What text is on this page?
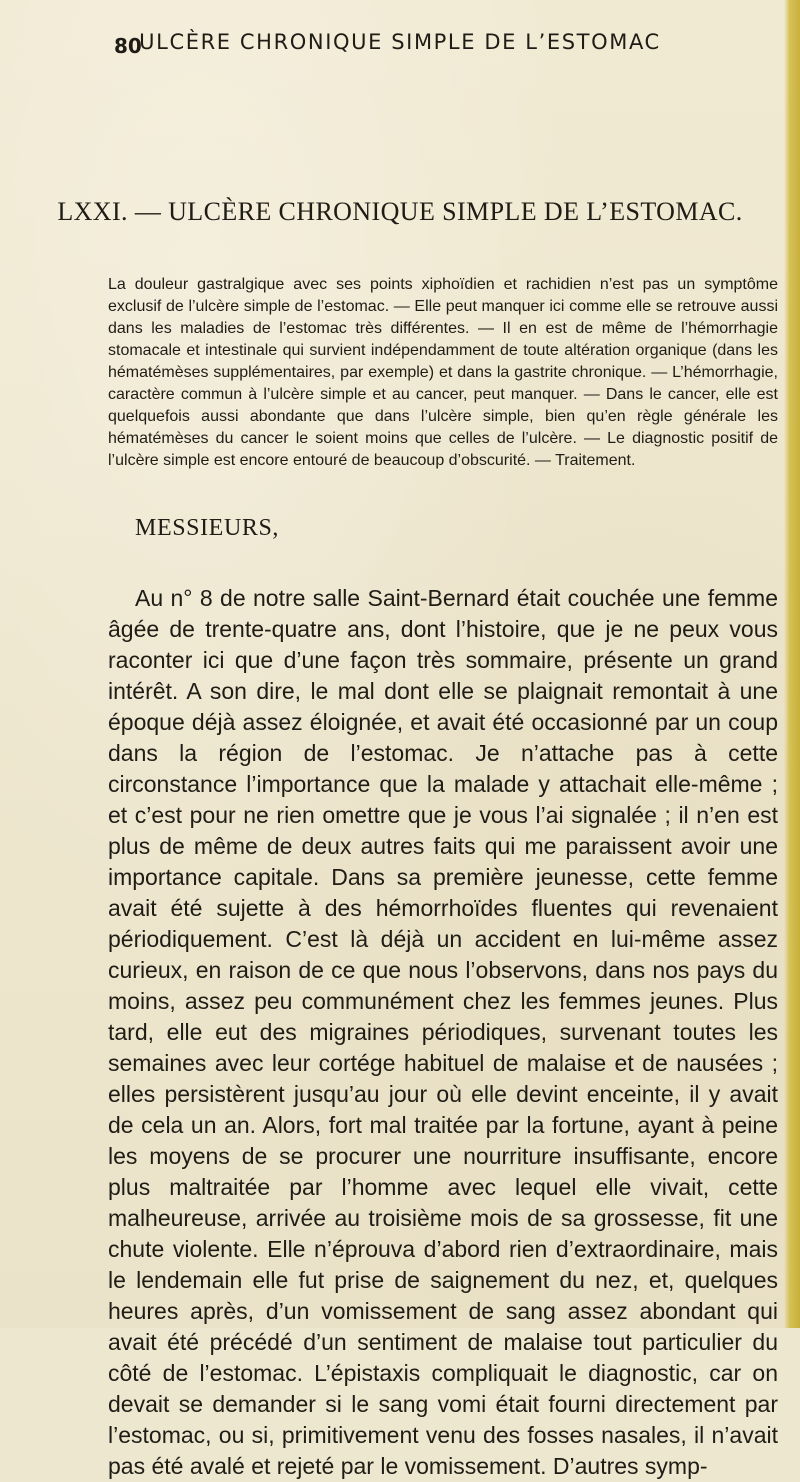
80
ULCÈRE CHRONIQUE SIMPLE DE L’ESTOMAC
LXXI. — ULCÈRE CHRONIQUE SIMPLE DE L’ESTOMAC.

La douleur gastralgique avec ses points xiphoïdien et rachidien n’est pas un symptôme exclusif de l’ulcère simple de l’estomac. — Elle peut manquer ici comme elle se retrouve aussi dans les maladies de l’estomac très différentes. — Il en est de même de l’hémorrhagie stomacale et intestinale qui survient indépendamment de toute altération organique (dans les hématémèses supplémentaires, par exemple) et dans la gastrite chronique. — L’hémorrhagie, caractère commun à l’ulcère simple et au cancer, peut manquer. — Dans le cancer, elle est quelquefois aussi abondante que dans l’ulcère simple, bien qu’en règle générale les hématémèses du cancer le soient moins que celles de l’ulcère. — Le diagnostic positif de l’ulcère simple est encore entouré de beaucoup d’obscurité. — Traitement.

MESSIEURS,

Au n° 8 de notre salle Saint-Bernard était couchée une femme âgée de trente-quatre ans, dont l’histoire, que je ne peux vous raconter ici que d’une façon très sommaire, présente un grand intérêt. A son dire, le mal dont elle se plaignait remontait à une époque déjà assez éloignée, et avait été occasionné par un coup dans la région de l’estomac. Je n’attache pas à cette circonstance l’importance que la malade y attachait elle-même ; et c’est pour ne rien omettre que je vous l’ai signalée ; il n’en est plus de même de deux autres faits qui me paraissent avoir une importance capitale. Dans sa première jeunesse, cette femme avait été sujette à des hémorrhoïdes fluentes qui revenaient périodiquement. C’est là déjà un accident en lui-même assez curieux, en raison de ce que nous l’observons, dans nos pays du moins, assez peu communément chez les femmes jeunes. Plus tard, elle eut des migraines périodiques, survenant toutes les semaines avec leur cortége habituel de malaise et de nausées ; elles persistèrent jusqu’au jour où elle devint enceinte, il y avait de cela un an. Alors, fort mal traitée par la fortune, ayant à peine les moyens de se procurer une nourriture insuffisante, encore plus maltraitée par l’homme avec lequel elle vivait, cette malheureuse, arrivée au troisième mois de sa grossesse, fit une chute violente. Elle n’éprouva d’abord rien d’extraordinaire, mais le lendemain elle fut prise de saignement du nez, et, quelques heures après, d’un vomissement de sang assez abondant qui avait été précédé d’un sentiment de malaise tout particulier du côté de l’estomac. L’épistaxis compliquait le diagnostic, car on devait se demander si le sang vomi était fourni directement par l’estomac, ou si, primitivement venu des fosses nasales, il n’avait pas été avalé et rejeté par le vomissement. D’autres symp-
